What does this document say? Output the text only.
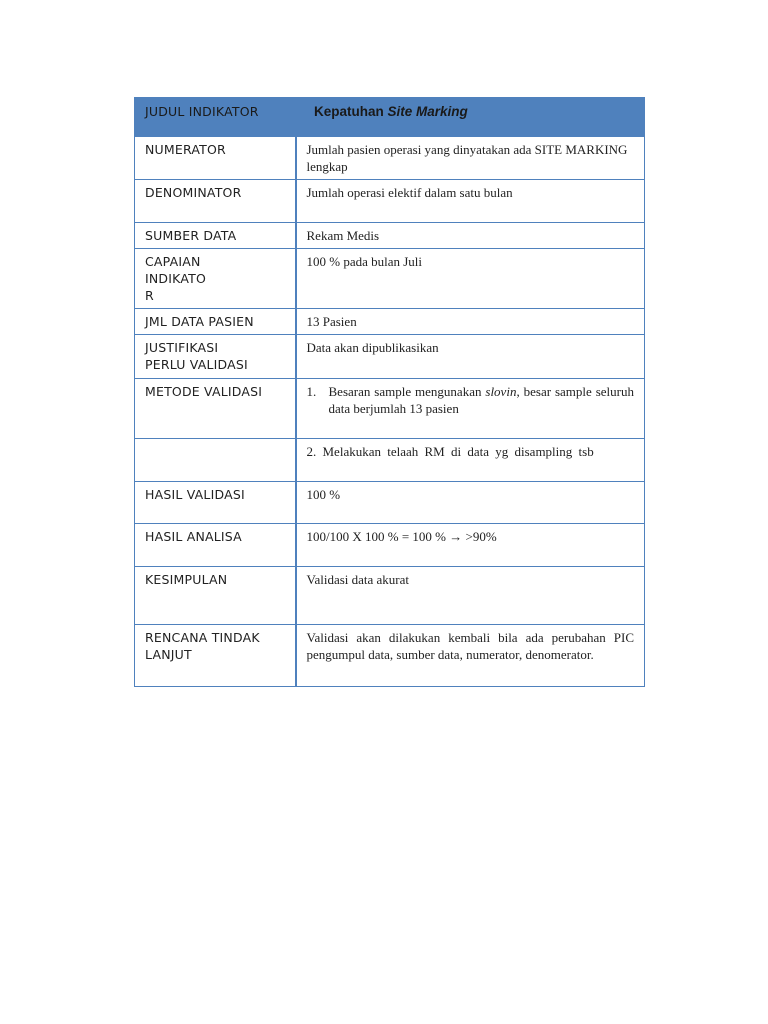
JUDUL INDIKATOR	Kepatuhan Site Marking
NUMERATOR	Jumlah pasien operasi yang dinyatakan ada SITE MARKING lengkap
DENOMINATOR	Jumlah operasi elektif dalam satu bulan
SUMBER DATA	Rekam Medis

CAPAIAN
INDIKATO
R	100 % pada bulan Juli
JML DATA PASIEN	13 Pasien

JUSTIFIKASI
PERLU VALIDASI	Data akan dipublikasikan
METODE VALIDASI	1. Besaran sample mengunakan slovin, besar sample seluruh data berjumlah 13 pasien

	2. Melakukan telaah RM di data yg disampling tsb
HASIL VALIDASI	100 %
HASIL ANALISA	100/100 X 100 % = 100 % → >90%
KESIMPULAN	Validasi data akurat

RENCANA TINDAK
LANJUT	Validasi akan dilakukan kembali bila ada perubahan PIC pengumpul data, sumber data, numerator, denomerator.
